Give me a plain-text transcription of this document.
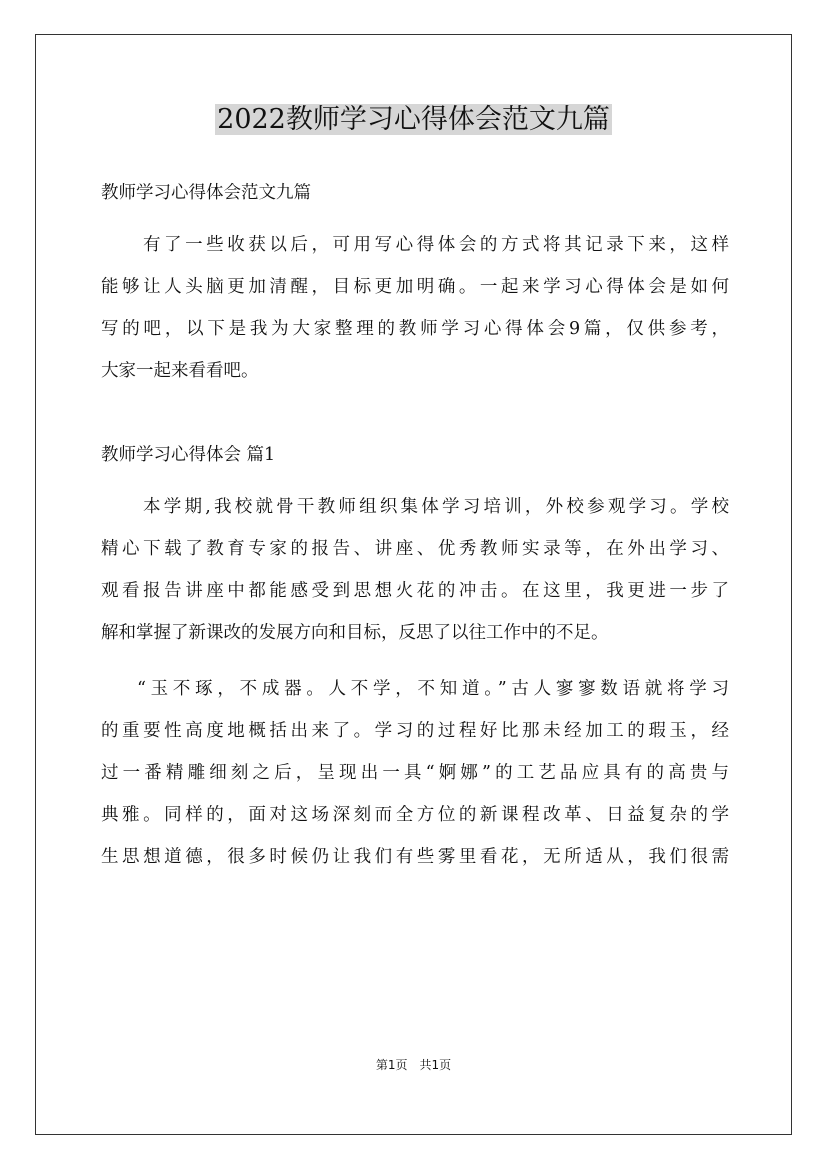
2022教师学习心得体会范文九篇
教师学习心得体会范文九篇
有了一些收获以后，可用写心得体会的方式将其记录下来，这样
能够让人头脑更加清醒，目标更加明确。一起来学习心得体会是如何
写的吧，以下是我为大家整理的教师学习心得体会9篇，仅供参考，
大家一起来看看吧。
教师学习心得体会 篇1
本学期,我校就骨干教师组织集体学习培训，外校参观学习。学校
精心下载了教育专家的报告、讲座、优秀教师实录等，在外出学习、
观看报告讲座中都能感受到思想火花的冲击。在这里，我更进一步了
解和掌握了新课改的发展方向和目标，反思了以往工作中的不足。
“玉不琢，不成器。人不学，不知道。”古人寥寥数语就将学习
的重要性高度地概括出来了。学习的过程好比那未经加工的瑕玉，经
过一番精雕细刻之后，呈现出一具“婀娜”的工艺品应具有的高贵与
典雅。同样的，面对这场深刻而全方位的新课程改革、日益复杂的学
生思想道德，很多时候仍让我们有些雾里看花，无所适从，我们很需
第1页　共1页
